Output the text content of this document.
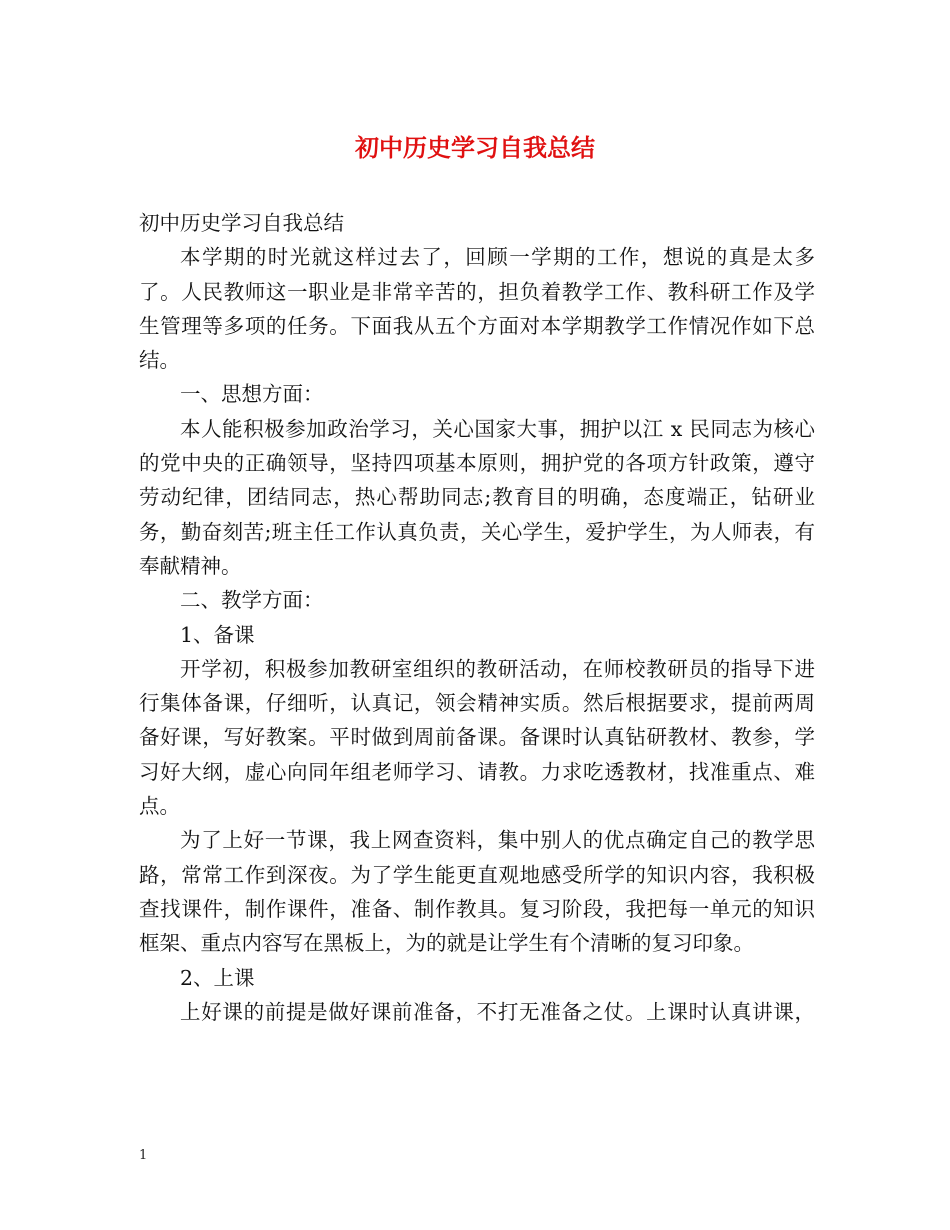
初中历史学习自我总结

初中历史学习自我总结

本学期的时光就这样过去了，回顾一学期的工作，想说的真是太多了。人民教师这一职业是非常辛苦的，担负着教学工作、教科研工作及学生管理等多项的任务。下面我从五个方面对本学期教学工作情况作如下总结。

一、思想方面：

本人能积极参加政治学习，关心国家大事，拥护以江 x 民同志为核心的党中央的正确领导，坚持四项基本原则，拥护党的各项方针政策，遵守劳动纪律，团结同志，热心帮助同志;教育目的明确，态度端正，钻研业务，勤奋刻苦;班主任工作认真负责，关心学生，爱护学生，为人师表，有奉献精神。

二、教学方面：

1、备课

开学初，积极参加教研室组织的教研活动，在师校教研员的指导下进行集体备课，仔细听，认真记，领会精神实质。然后根据要求，提前两周备好课，写好教案。平时做到周前备课。备课时认真钻研教材、教参，学习好大纲，虚心向同年组老师学习、请教。力求吃透教材，找准重点、难点。

为了上好一节课，我上网查资料，集中别人的优点确定自己的教学思路，常常工作到深夜。为了学生能更直观地感受所学的知识内容，我积极查找课件，制作课件，准备、制作教具。复习阶段，我把每一单元的知识框架、重点内容写在黑板上，为的就是让学生有个清晰的复习印象。

2、上课

上好课的前提是做好课前准备，不打无准备之仗。上课时认真讲课，

1
